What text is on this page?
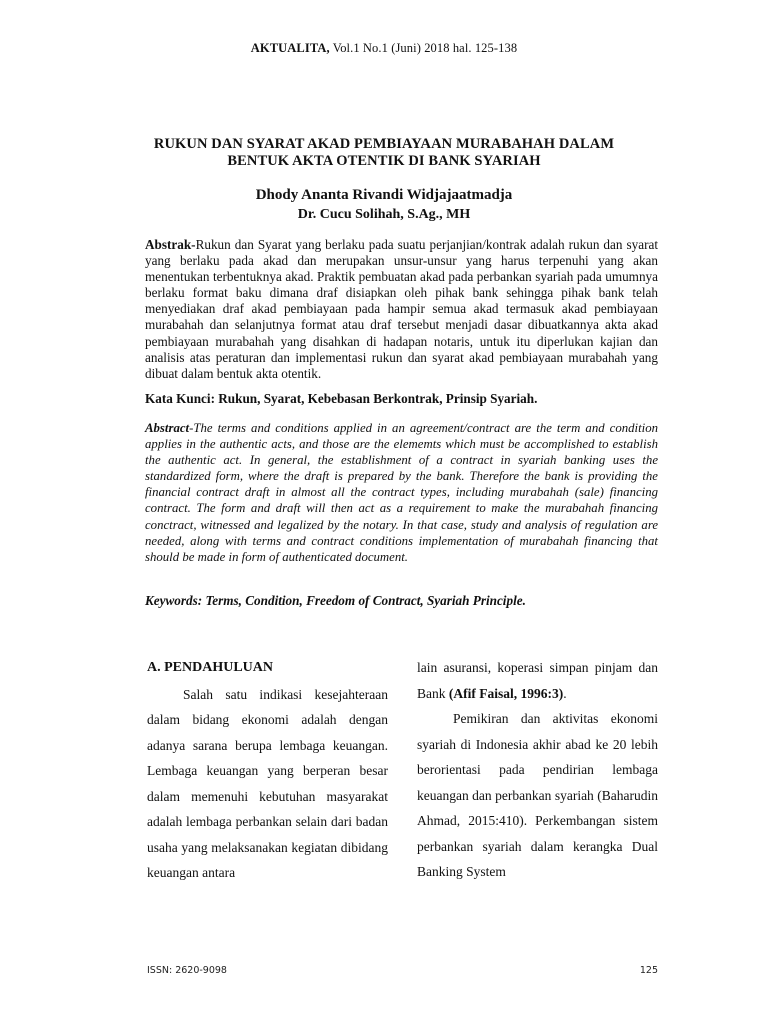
AKTUALITA, Vol.1 No.1 (Juni) 2018 hal. 125-138
RUKUN DAN SYARAT AKAD PEMBIAYAAN MURABAHAH DALAM
BENTUK AKTA OTENTIK DI BANK SYARIAH
Dhody Ananta Rivandi Widjajaatmadja
Dr. Cucu Solihah, S.Ag., MH
Abstrak-Rukun dan Syarat yang berlaku pada suatu perjanjian/kontrak adalah rukun dan syarat yang berlaku pada akad dan merupakan unsur-unsur yang harus terpenuhi yang akan menentukan terbentuknya akad. Praktik pembuatan akad pada perbankan syariah pada umumnya berlaku format baku dimana draf disiapkan oleh pihak bank sehingga pihak bank telah menyediakan draf akad pembiayaan pada hampir semua akad termasuk akad pembiayaan murabahah dan selanjutnya format atau draf tersebut menjadi dasar dibuatkannya akta akad pembiayaan murabahah yang disahkan di hadapan notaris, untuk itu diperlukan kajian dan analisis atas peraturan dan implementasi rukun dan syarat akad pembiayaan murabahah yang dibuat dalam bentuk akta otentik.
Kata Kunci: Rukun, Syarat, Kebebasan Berkontrak, Prinsip Syariah.
Abstract-The terms and conditions applied in an agreement/contract are the term and condition applies in the authentic acts, and those are the elememts which must be accomplished to establish the authentic act. In general, the establishment of a contract in syariah banking uses the standardized form, where the draft is prepared by the bank. Therefore the bank is providing the financial contract draft in almost all the contract types, including murabahah (sale) financing contract. The form and draft will then act as a requirement to make the murabahah financing conctract, witnessed and legalized by the notary. In that case, study and analysis of regulation are needed, along with terms and contract conditions implementation of murabahah financing that should be made in form of authenticated document.
Keywords: Terms, Condition, Freedom of Contract, Syariah Principle.
A. PENDAHULUAN

Salah satu indikasi kesejahteraan dalam bidang ekonomi adalah dengan adanya sarana berupa lembaga keuangan. Lembaga keuangan yang berperan besar dalam memenuhi kebutuhan masyarakat adalah lembaga perbankan selain dari badan usaha yang melaksanakan kegiatan dibidang keuangan antara

lain asuransi, koperasi simpan pinjam dan Bank (Afif Faisal, 1996:3).

Pemikiran dan aktivitas ekonomi syariah di Indonesia akhir abad ke 20 lebih berorientasi pada pendirian lembaga keuangan dan perbankan syariah (Baharudin Ahmad, 2015:410). Perkembangan sistem perbankan syariah dalam kerangka Dual Banking System

ISSN: 2620-9098	125
